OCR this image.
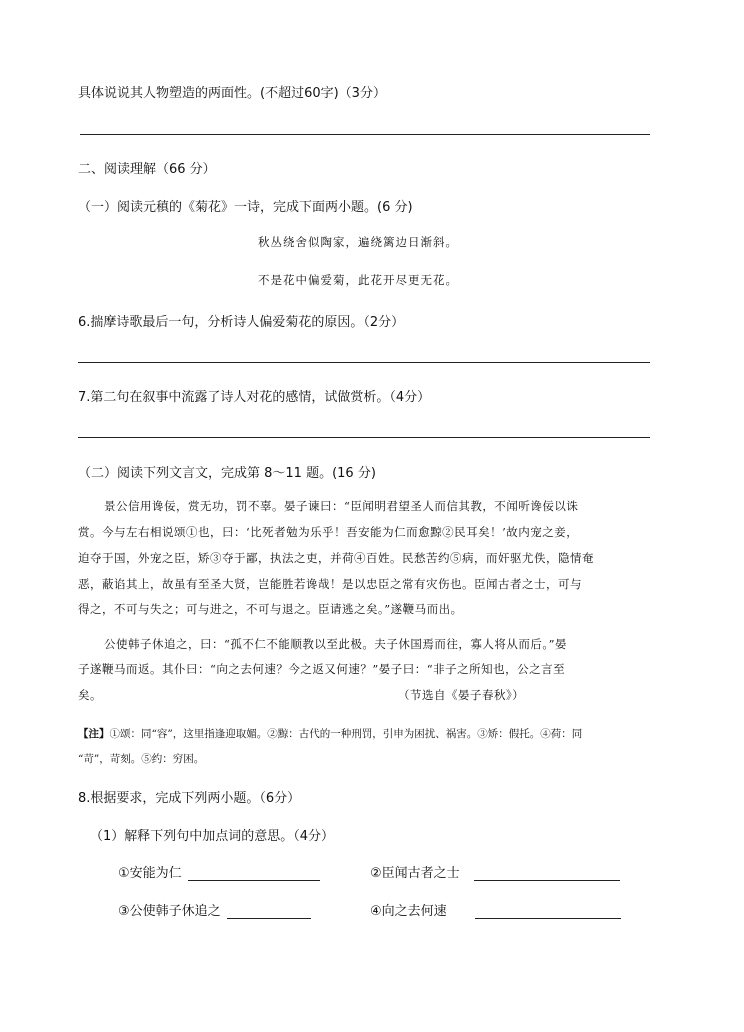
具体说说其人物塑造的两面性。(不超过60字)（3分）
二、阅读理解（66 分）
（一）阅读元稹的《菊花》一诗，完成下面两小题。(6 分)
秋丛绕舍似陶家，遍绕篱边日渐斜。
不是花中偏爱菊，此花开尽更无花。
6.揣摩诗歌最后一句，分析诗人偏爱菊花的原因。（2分）
7.第二句在叙事中流露了诗人对花的感情，试做赏析。（4分）
（二）阅读下列文言文，完成第 8～11 题。(16 分)
景公信用谗佞，赏无功，罚不辜。晏子谏曰：“臣闻明君望圣人而信其教，不闻听谗佞以诛
赏。今与左右相说颂①也，曰：‘比死者勉为乐乎！吾安能为仁而愈黥②民耳矣！’故内宠之妾，
迫夺于国，外宠之臣，矫③夺于鄙，执法之吏，并荷④百姓。民愁苦约⑤病，而奸驱尤佚，隐情奄
恶，蔽谄其上，故虽有至圣大贤，岂能胜若谗哉！是以忠臣之常有灾伤也。臣闻古者之士，可与
得之，不可与失之；可与进之，不可与退之。臣请逃之矣。”遂鞭马而出。
公使韩子休追之，曰：“孤不仁不能顺教以至此极。夫子休国焉而往，寡人将从而后。”晏
子遂鞭马而返。其仆曰：“向之去何速？今之返又何速？”晏子曰：“非子之所知也，公之言至
矣。	（节选自《晏子春秋》）
【注】①颂：同“容”，这里指逢迎取媚。②黥：古代的一种刑罚，引申为困扰、祸害。③矫：假托。④荷：同
“苛”，苛刻。⑤约：穷困。
8.根据要求，完成下列两小题。（6分）
（1）解释下列句中加点词的意思。（4分）
①安能为仁	②臣闻古者之士
③公使韩子休追之	④向之去何速
